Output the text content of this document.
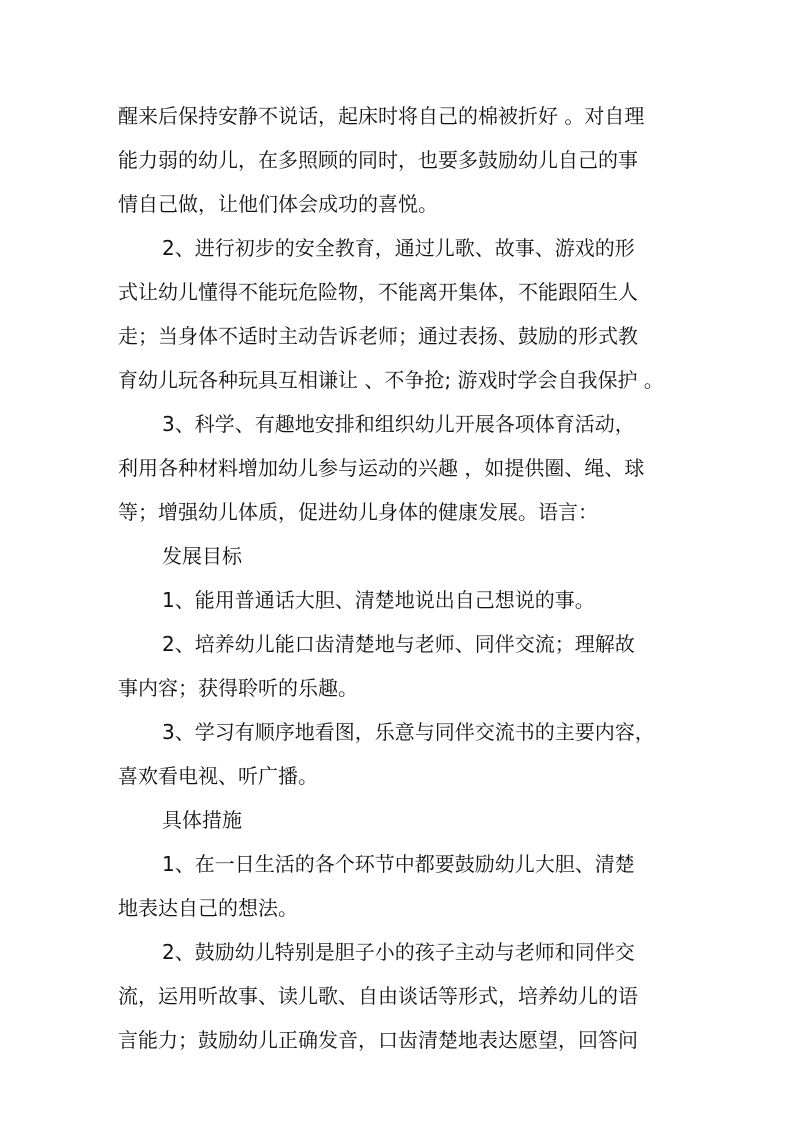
醒来后保持安静不说话，起床时将自己的棉被折好 。对自理
能力弱的幼儿，在多照顾的同时，也要多鼓励幼儿自己的事
情自己做，让他们体会成功的喜悦。
2、进行初步的安全教育，通过儿歌、故事、游戏的形
式让幼儿懂得不能玩危险物，不能离开集体，不能跟陌生人
走；当身体不适时主动告诉老师；通过表扬、鼓励的形式教
育幼儿玩各种玩具互相谦让 、不争抢; 游戏时学会自我保护 。
3、科学、有趣地安排和组织幼儿开展各项体育活动，
利用各种材料增加幼儿参与运动的兴趣 ，如提供圈、绳、球
等；增强幼儿体质，促进幼儿身体的健康发展。语言：
发展目标
1、能用普通话大胆、清楚地说出自己想说的事。
2、培养幼儿能口齿清楚地与老师、同伴交流；理解故
事内容；获得聆听的乐趣。
3、学习有顺序地看图，乐意与同伴交流书的主要内容，
喜欢看电视、听广播。
具体措施
1、在一日生活的各个环节中都要鼓励幼儿大胆、清楚
地表达自己的想法。
2、鼓励幼儿特别是胆子小的孩子主动与老师和同伴交
流，运用听故事、读儿歌、自由谈话等形式，培养幼儿的语
言能力；鼓励幼儿正确发音，口齿清楚地表达愿望，回答问
